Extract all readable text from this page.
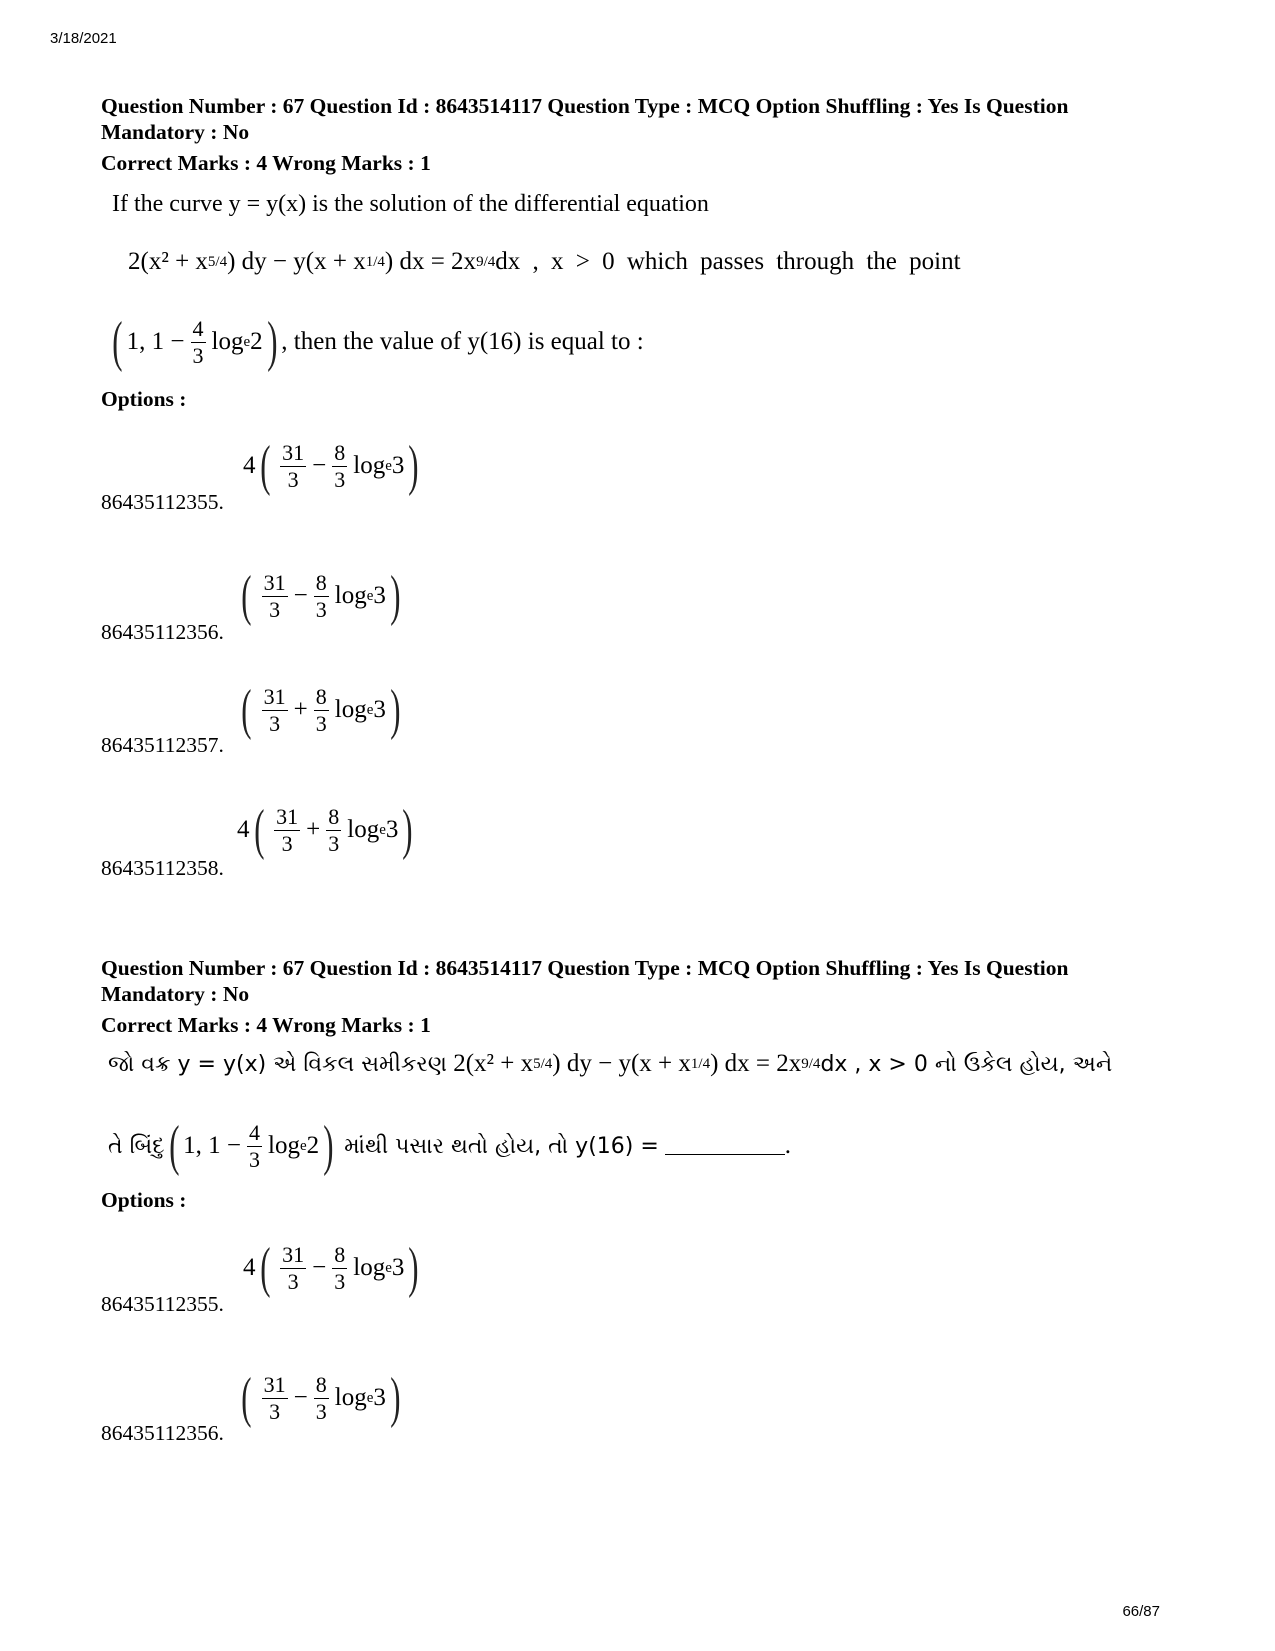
3/18/2021
Question Number : 67 Question Id : 8643514117 Question Type : MCQ Option Shuffling : Yes Is Question
Mandatory : No
Correct Marks : 4 Wrong Marks : 1
If the curve y = y(x) is the solution of the differential equation
2(x² + x 5/4 ) dy − y(x + x 1/4 ) dx = 2x 9/4 dx , x > 0 which passes through the point
( 1, $1 - \frac{4}{3}$ log e 2 ) , then the value of y(16) is equal to :
Options :
86435112355.
4 ( $\frac{31}{3} - \frac{8}{3}$ log e 3 )
86435112356.
( $\frac{31}{3} - \frac{8}{3}$ log e 3 )
86435112357.
( $\frac{31}{3} + \frac{8}{3}$ log e 3 )
86435112358.
4 ( $\frac{31}{3} + \frac{8}{3}$ log e 3 )
Question Number : 67 Question Id : 8643514117 Question Type : MCQ Option Shuffling : Yes Is Question
Mandatory : No
Correct Marks : 4 Wrong Marks : 1
જો વક્ર y = y(x) એ વિકલ સમીકરણ
2(x² + x 5/4 ) dy − y(x + x 1/4 ) dx = 2x 9/4 dx , x > 0 નો ઉકેલ હોય, અને
તે બિંદુ ( 1, $1 - \frac{4}{3}$ log e 2 )
માંથી પસાર થતો હોય, તો y(16) =	.
Options :
86435112355.
4 ( $\frac{31}{3} - \frac{8}{3}$ log e 3 )
86435112356.
( $\frac{31}{3} - \frac{8}{3}$ log e 3 )
66/87
